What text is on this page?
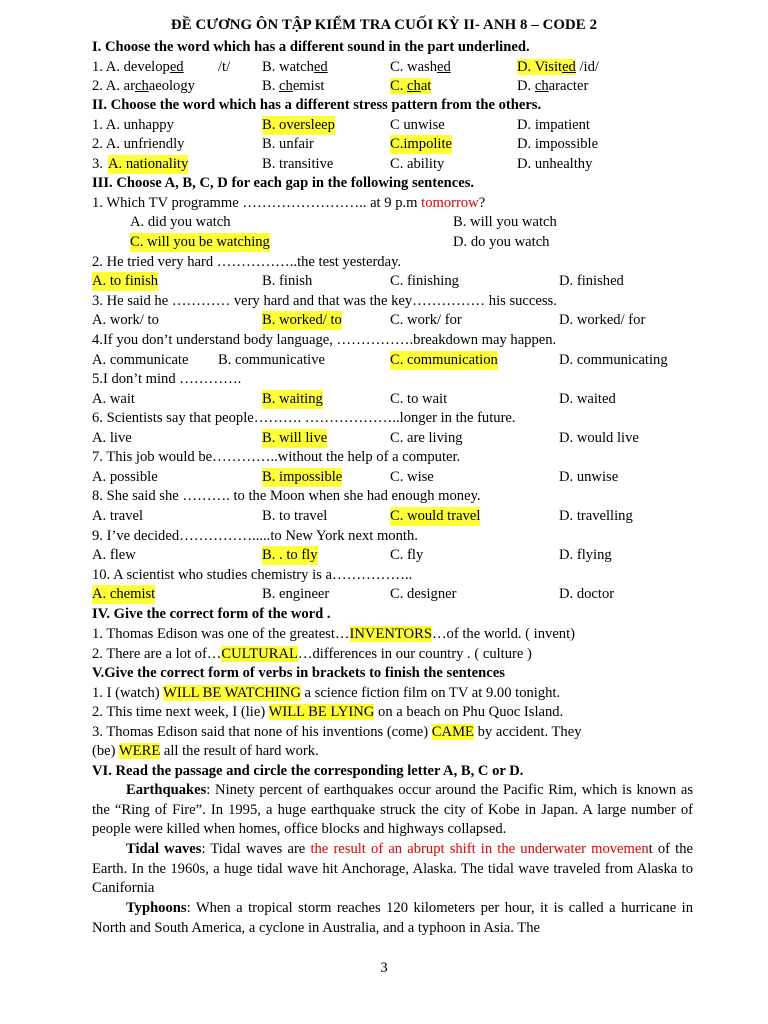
ĐỀ CƯƠNG ÔN TẬP KIỂM TRA CUỐI KỲ II- ANH 8 – CODE 2
I. Choose the word which has a different sound in the part underlined.
1. A. developed /t/ B. watched	C. washed	D. Visited /id/
2. A. archaeology	B. chemist	C. chat	D. character
II. Choose the word which has a different stress pattern from the others.
1. A. unhappy	B. oversleep	C unwise	D. impatient
2. A. unfriendly	B. unfair	C.impolite	D. impossible
3. A. nationality	B. transitive	C. ability	D. unhealthy
III. Choose A, B, C, D for each gap in the following sentences.
1. Which TV programme …………………….. at 9 p.m tomorrow?
A. did you watch	B. will you watch
C. will you be watching	D. do you watch
2. He tried very hard ……………..the test yesterday.
A. to finish	B. finish	C. finishing	D. finished
3. He said he ………… very hard and that was the key…………… his success.
A. work/ to	B. worked/ to	C. work/ for	D. worked/ for
4.If you don’t understand body language, …………….breakdown may happen.
A. communicate B. communicative	C. communication	D. communicating
5.I don’t mind ………….
A. wait	B. waiting	C. to wait	D. waited
6. Scientists say that people………. ………………..longer in the future.
A. live	B. will live	C. are living	D. would live
7. This job would be…………..without the help of a computer.
A. possible	B. impossible	C. wise	D. unwise
8. She said she ………. to the Moon when she had enough money.
A. travel	B. to travel	C. would travel	D. travelling
9. I’ve decided…………….....to New York next month.
A. flew	B. . to fly	C. fly	D. flying
10. A scientist who studies chemistry is a……………..
A. chemist	B. engineer	C. designer	D. doctor
IV. Give the correct form of the word .
1. Thomas Edison was one of the greatest…INVENTORS…of the world. ( invent)
2. There are a lot of…CULTURAL…differences in our country . ( culture )
V.Give the correct form of verbs in brackets to finish the sentences
1. I (watch) WILL BE WATCHING a science fiction film on TV at 9.00 tonight.
2. This time next week, I (lie) WILL BE LYING on a beach on Phu Quoc Island.
3. Thomas Edison said that none of his inventions (come) CAME by accident. They
(be) WERE all the result of hard work.
VI. Read the passage and circle the corresponding letter A, B, C or D.
Earthquakes: Ninety percent of earthquakes occur around the Pacific Rim, which is known as the “Ring of Fire”. In 1995, a huge earthquake struck the city of Kobe in Japan. A large number of people were killed when homes, office blocks and highways collapsed.
Tidal waves: Tidal waves are the result of an abrupt shift in the underwater movement of the Earth. In the 1960s, a huge tidal wave hit Anchorage, Alaska. The tidal wave traveled from Alaska to Canifornia
Typhoons: When a tropical storm reaches 120 kilometers per hour, it is called a hurricane in North and South America, a cyclone in Australia, and a typhoon in Asia. The
3
